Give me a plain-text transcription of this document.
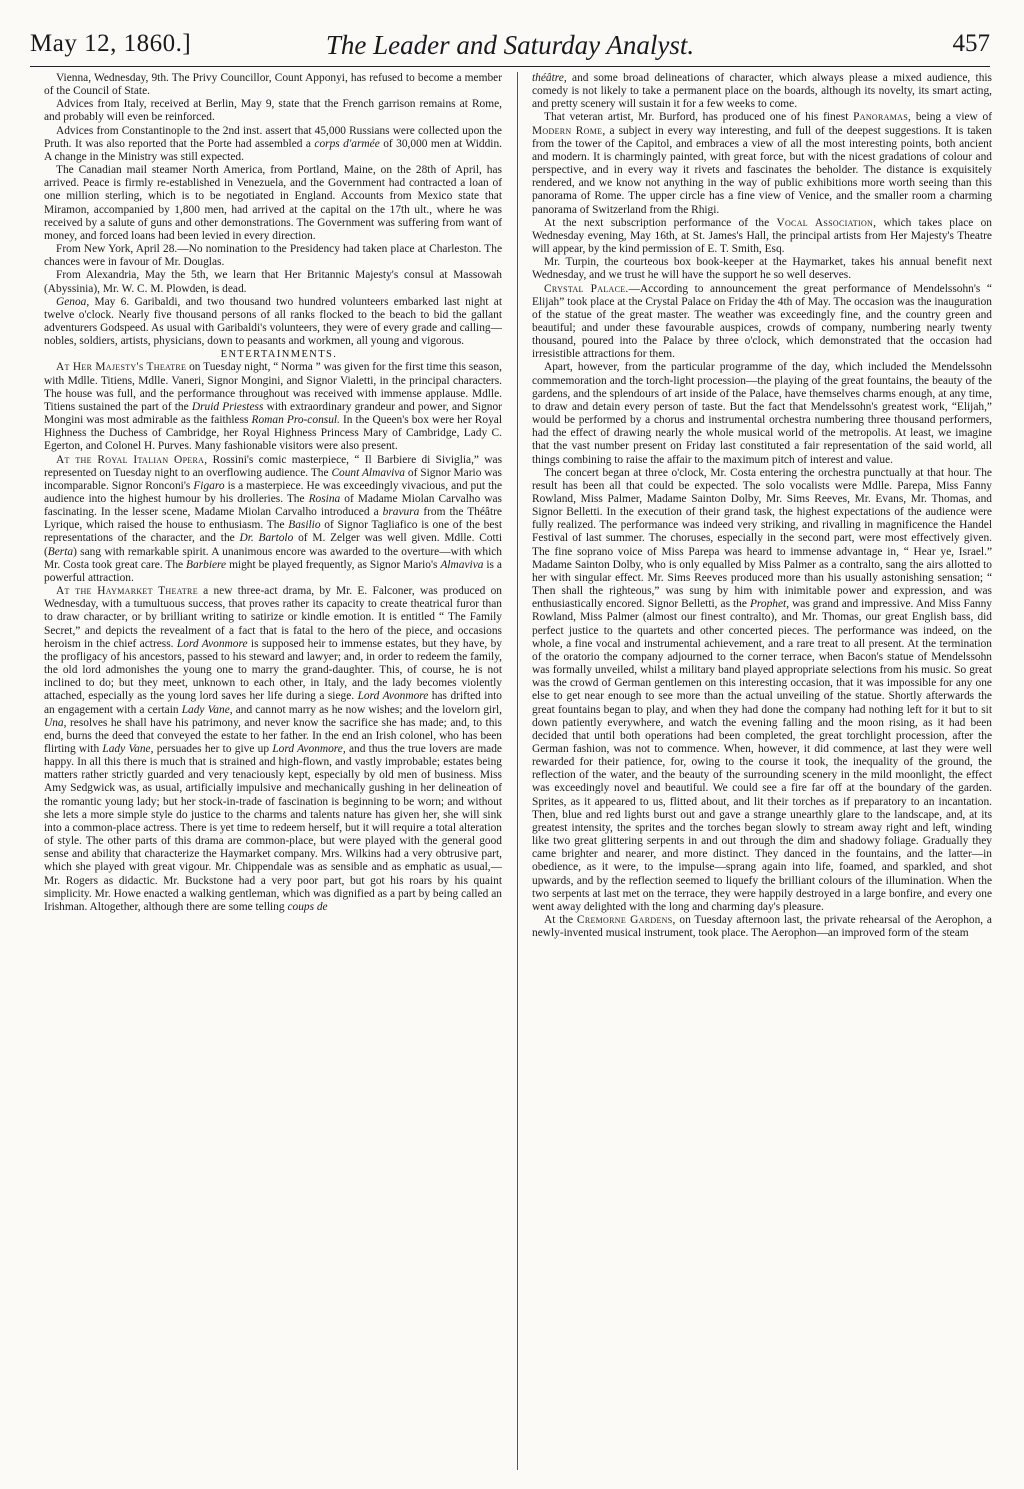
May 12, 1860.]	The Leader and Saturday Analyst.	457

Vienna, Wednesday, 9th. The Privy Councillor, Count Apponyi, has refused to become a member of the Council of State.

Advices from Italy, received at Berlin, May 9, state that the French garrison remains at Rome, and probably will even be reinforced.

Advices from Constantinople to the 2nd inst. assert that 45,000 Russians were collected upon the Pruth. It was also reported that the Porte had assembled a corps d'armée of 30,000 men at Widdin. A change in the Ministry was still expected.

The Canadian mail steamer North America, from Portland, Maine, on the 28th of April, has arrived. Peace is firmly re-established in Venezuela, and the Government had contracted a loan of one million sterling, which is to be negotiated in England. Accounts from Mexico state that Miramon, accompanied by 1,800 men, had arrived at the capital on the 17th ult., where he was received by a salute of guns and other demonstrations. The Government was suffering from want of money, and forced loans had been levied in every direction.

From New York, April 28.—No nomination to the Presidency had taken place at Charleston. The chances were in favour of Mr. Douglas.

From Alexandria, May the 5th, we learn that Her Britannic Majesty's consul at Massowah (Abyssinia), Mr. W. C. M. Plowden, is dead.

Genoa, May 6. Garibaldi, and two thousand two hundred volunteers embarked last night at twelve o'clock. Nearly five thousand persons of all ranks flocked to the beach to bid the gallant adventurers Godspeed. As usual with Garibaldi's volunteers, they were of every grade and calling—nobles, soldiers, artists, physicians, down to peasants and workmen, all young and vigorous.

ENTERTAINMENTS.

At Her Majesty's Theatre on Tuesday night, “ Norma ” was given for the first time this season, with Mdlle. Titiens, Mdlle. Vaneri, Signor Mongini, and Signor Vialetti, in the principal characters. The house was full, and the performance throughout was received with immense applause. Mdlle. Titiens sustained the part of the Druid Priestess with extraordinary grandeur and power, and Signor Mongini was most admirable as the faithless Roman Pro-consul. In the Queen's box were her Royal Highness the Duchess of Cambridge, her Royal Highness Princess Mary of Cambridge, Lady C. Egerton, and Colonel H. Purves. Many fashionable visitors were also present.

At the Royal Italian Opera, Rossini's comic masterpiece, “ Il Barbiere di Siviglia,” was represented on Tuesday night to an overflowing audience. The Count Almaviva of Signor Mario was incomparable. Signor Ronconi's Figaro is a masterpiece. He was exceedingly vivacious, and put the audience into the highest humour by his drolleries. The Rosina of Madame Miolan Carvalho was fascinating. In the lesser scene, Madame Miolan Carvalho introduced a bravura from the Théâtre Lyrique, which raised the house to enthusiasm. The Basilio of Signor Tagliafico is one of the best representations of the character, and the Dr. Bartolo of M. Zelger was well given. Mdlle. Cotti (Berta) sang with remarkable spirit. A unanimous encore was awarded to the overture—with which Mr. Costa took great care. The Barbiere might be played frequently, as Signor Mario's Almaviva is a powerful attraction.

At the Haymarket Theatre a new three-act drama, by Mr. E. Falconer, was produced on Wednesday, with a tumultuous success, that proves rather its capacity to create theatrical furor than to draw character, or by brilliant writing to satirize or kindle emotion. It is entitled “ The Family Secret,” and depicts the revealment of a fact that is fatal to the hero of the piece, and occasions heroism in the chief actress. Lord Avonmore is supposed heir to immense estates, but they have, by the profligacy of his ancestors, passed to his steward and lawyer; and, in order to redeem the family, the old lord admonishes the young one to marry the grand-daughter. This, of course, he is not inclined to do; but they meet, unknown to each other, in Italy, and the lady becomes violently attached, especially as the young lord saves her life during a siege. Lord Avonmore has drifted into an engagement with a certain Lady Vane, and cannot marry as he now wishes; and the lovelorn girl, Una, resolves he shall have his patrimony, and never know the sacrifice she has made; and, to this end, burns the deed that conveyed the estate to her father. In the end an Irish colonel, who has been flirting with Lady Vane, persuades her to give up Lord Avonmore, and thus the true lovers are made happy. In all this there is much that is strained and high-flown, and vastly improbable; estates being matters rather strictly guarded and very tenaciously kept, especially by old men of business. Miss Amy Sedgwick was, as usual, artificially impulsive and mechanically gushing in her delineation of the romantic young lady; but her stock-in-trade of fascination is beginning to be worn; and without she lets a more simple style do justice to the charms and talents nature has given her, she will sink into a common-place actress. There is yet time to redeem herself, but it will require a total alteration of style. The other parts of this drama are common-place, but were played with the general good sense and ability that characterize the Haymarket company. Mrs. Wilkins had a very obtrusive part, which she played with great vigour. Mr. Chippendale was as sensible and as emphatic as usual,—Mr. Rogers as didactic. Mr. Buckstone had a very poor part, but got his roars by his quaint simplicity. Mr. Howe enacted a walking gentleman, which was dignified as a part by being called an Irishman. Altogether, although there are some telling coups de

théâtre, and some broad delineations of character, which always please a mixed audience, this comedy is not likely to take a permanent place on the boards, although its novelty, its smart acting, and pretty scenery will sustain it for a few weeks to come.

That veteran artist, Mr. Burford, has produced one of his finest Panoramas, being a view of Modern Rome, a subject in every way interesting, and full of the deepest suggestions. It is taken from the tower of the Capitol, and embraces a view of all the most interesting points, both ancient and modern. It is charmingly painted, with great force, but with the nicest gradations of colour and perspective, and in every way it rivets and fascinates the beholder. The distance is exquisitely rendered, and we know not anything in the way of public exhibitions more worth seeing than this panorama of Rome. The upper circle has a fine view of Venice, and the smaller room a charming panorama of Switzerland from the Rhigi.

At the next subscription performance of the Vocal Association, which takes place on Wednesday evening, May 16th, at St. James's Hall, the principal artists from Her Majesty's Theatre will appear, by the kind permission of E. T. Smith, Esq.

Mr. Turpin, the courteous box book-keeper at the Haymarket, takes his annual benefit next Wednesday, and we trust he will have the support he so well deserves.

Crystal Palace.—According to announcement the great performance of Mendelssohn's “ Elijah” took place at the Crystal Palace on Friday the 4th of May. The occasion was the inauguration of the statue of the great master. The weather was exceedingly fine, and the country green and beautiful; and under these favourable auspices, crowds of company, numbering nearly twenty thousand, poured into the Palace by three o'clock, which demonstrated that the occasion had irresistible attractions for them.

Apart, however, from the particular programme of the day, which included the Mendelssohn commemoration and the torch-light procession—the playing of the great fountains, the beauty of the gardens, and the splendours of art inside of the Palace, have themselves charms enough, at any time, to draw and detain every person of taste. But the fact that Mendelssohn's greatest work, “Elijah,” would be performed by a chorus and instrumental orchestra numbering three thousand performers, had the effect of drawing nearly the whole musical world of the metropolis. At least, we imagine that the vast number present on Friday last constituted a fair representation of the said world, all things combining to raise the affair to the maximum pitch of interest and value.

The concert began at three o'clock, Mr. Costa entering the orchestra punctually at that hour. The result has been all that could be expected. The solo vocalists were Mdlle. Parepa, Miss Fanny Rowland, Miss Palmer, Madame Sainton Dolby, Mr. Sims Reeves, Mr. Evans, Mr. Thomas, and Signor Belletti. In the execution of their grand task, the highest expectations of the audience were fully realized. The performance was indeed very striking, and rivalling in magnificence the Handel Festival of last summer. The choruses, especially in the second part, were most effectively given. The fine soprano voice of Miss Parepa was heard to immense advantage in, “ Hear ye, Israel.” Madame Sainton Dolby, who is only equalled by Miss Palmer as a contralto, sang the airs allotted to her with singular effect. Mr. Sims Reeves produced more than his usually astonishing sensation; “ Then shall the righteous,” was sung by him with inimitable power and expression, and was enthusiastically encored. Signor Belletti, as the Prophet, was grand and impressive. And Miss Fanny Rowland, Miss Palmer (almost our finest contralto), and Mr. Thomas, our great English bass, did perfect justice to the quartets and other concerted pieces. The performance was indeed, on the whole, a fine vocal and instrumental achievement, and a rare treat to all present. At the termination of the oratorio the company adjourned to the corner terrace, when Bacon's statue of Mendelssohn was formally unveiled, whilst a military band played appropriate selections from his music. So great was the crowd of German gentlemen on this interesting occasion, that it was impossible for any one else to get near enough to see more than the actual unveiling of the statue. Shortly afterwards the great fountains began to play, and when they had done the company had nothing left for it but to sit down patiently everywhere, and watch the evening falling and the moon rising, as it had been decided that until both operations had been completed, the great torchlight procession, after the German fashion, was not to commence. When, however, it did commence, at last they were well rewarded for their patience, for, owing to the course it took, the inequality of the ground, the reflection of the water, and the beauty of the surrounding scenery in the mild moonlight, the effect was exceedingly novel and beautiful. We could see a fire far off at the boundary of the garden. Sprites, as it appeared to us, flitted about, and lit their torches as if preparatory to an incantation. Then, blue and red lights burst out and gave a strange unearthly glare to the landscape, and, at its greatest intensity, the sprites and the torches began slowly to stream away right and left, winding like two great glittering serpents in and out through the dim and shadowy foliage. Gradually they came brighter and nearer, and more distinct. They danced in the fountains, and the latter—in obedience, as it were, to the impulse—sprang again into life, foamed, and sparkled, and shot upwards, and by the reflection seemed to liquefy the brilliant colours of the illumination. When the two serpents at last met on the terrace, they were happily destroyed in a large bonfire, and every one went away delighted with the long and charming day's pleasure.

At the Cremorne Gardens, on Tuesday afternoon last, the private rehearsal of the Aerophon, a newly-invented musical instrument, took place. The Aerophon—an improved form of the steam
